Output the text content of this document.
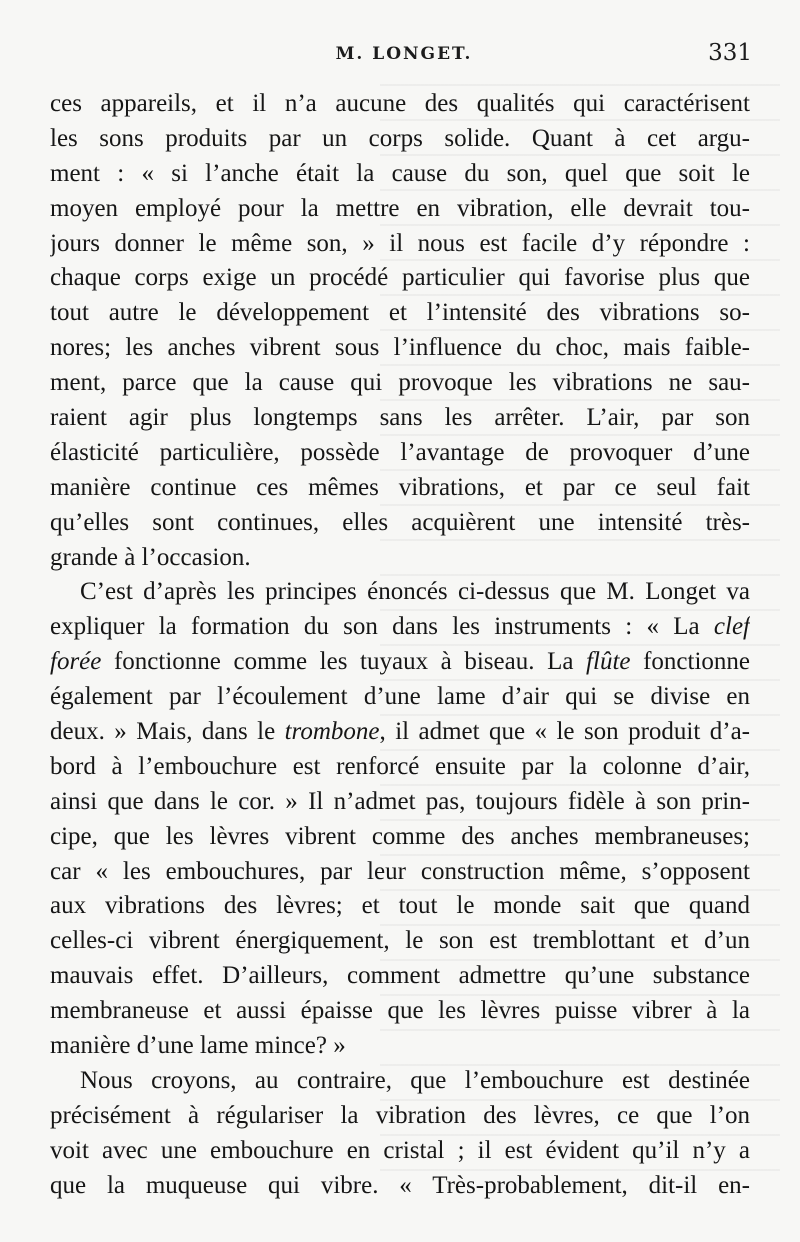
M. LONGET.	331
ces appareils, et il n’a aucune des qualités qui caractérisent
les sons produits par un corps solide. Quant à cet argu-
ment : « si l’anche était la cause du son, quel que soit le
moyen employé pour la mettre en vibration, elle devrait tou-
jours donner le même son, » il nous est facile d’y répondre :
chaque corps exige un procédé particulier qui favorise plus que
tout autre le développement et l’intensité des vibrations so-
nores; les anches vibrent sous l’influence du choc, mais faible-
ment, parce que la cause qui provoque les vibrations ne sau-
raient agir plus longtemps sans les arrêter. L’air, par son
élasticité particulière, possède l’avantage de provoquer d’une
manière continue ces mêmes vibrations, et par ce seul fait
qu’elles sont continues, elles acquièrent une intensité très-
grande à l’occasion.
C’est d’après les principes énoncés ci-dessus que M. Longet va
expliquer la formation du son dans les instruments : « La clef
forée fonctionne comme les tuyaux à biseau. La flûte fonctionne
également par l’écoulement d’une lame d’air qui se divise en
deux. » Mais, dans le trombone, il admet que « le son produit d’a-
bord à l’embouchure est renforcé ensuite par la colonne d’air,
ainsi que dans le cor. » Il n’admet pas, toujours fidèle à son prin-
cipe, que les lèvres vibrent comme des anches membraneuses;
car « les embouchures, par leur construction même, s’opposent
aux vibrations des lèvres; et tout le monde sait que quand
celles-ci vibrent énergiquement, le son est tremblottant et d’un
mauvais effet. D’ailleurs, comment admettre qu’une substance
membraneuse et aussi épaisse que les lèvres puisse vibrer à la
manière d’une lame mince? »
Nous croyons, au contraire, que l’embouchure est destinée
précisément à régulariser la vibration des lèvres, ce que l’on
voit avec une embouchure en cristal ; il est évident qu’il n’y a
que la muqueuse qui vibre. « Très-probablement, dit-il en-
